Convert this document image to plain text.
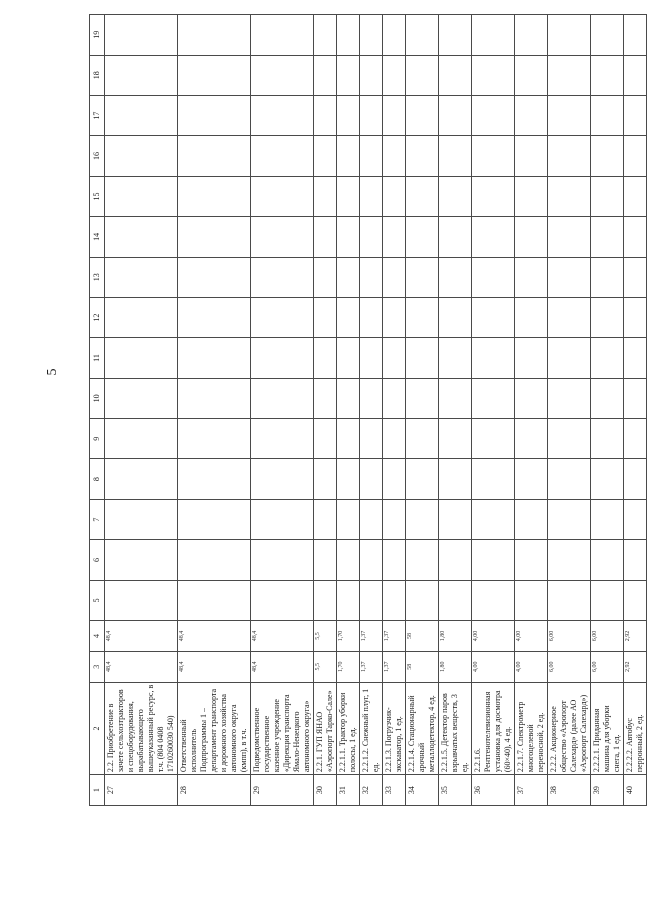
5
1	2	3	4	5	6	7	8	9	10	11	12	13	14	15	16	17	18	19
27	2.2. Приобретение в зачете сельхозтракторов и спецоборудования, вырабатывающего вышеуказанный ресурс, в т.ч. (804 0408 1710260030 540)	48,4	48,4															
28	Ответственный исполнитель Подпрограммы 1 – департамент транспорта и дорожного хозяйства автономного округа (кмпп), в т.ч.	48,4	48,4															
29	Подведомственное государственное казенное учреждение «Дирекция транспорта Ямало-Ненецкого автономного округа»	48,4	48,4															
30	2.2.1. ГУП ЯНАО «Аэропорт Тарко-Сале»	5,5	5,5															
31	2.2.1.1. Трактор уборки полосы, 1 ед.	1,70	1,70															
32	2.2.1.2. Снежный плуг, 1 ед.	1,37	1,37															
33	2.2.1.3. Погрузчик-экскаватор, 1 ед.	1,37	1,37															
34	2.2.1.4. Стационарный арочный металлодетектор, 4 ед.	58	58															
35	2.2.1.5. Детектор паров взрывчатых веществ, 3 ед.	1,80	1,80															
36	2.2.1.6. Рентгенотелевизионная установка для досмотра (60×40), 4 ед.	4,00	4,00															
37	2.2.1.7. Спектрометр многоцелевой переносной, 2 ед.	4,00	4,00															
38	2.2.2. Акционерное общество «Аэропорт Салехард» (далее АО «Аэропорт Салехард»)	6,00	6,00															
39	2.2.2.1. Приданная машина для уборки снега, 1 ед.	6,00	6,00															
40	2.2.2.2. Автобус перронный, 2 ед.	2,92	2,92															
